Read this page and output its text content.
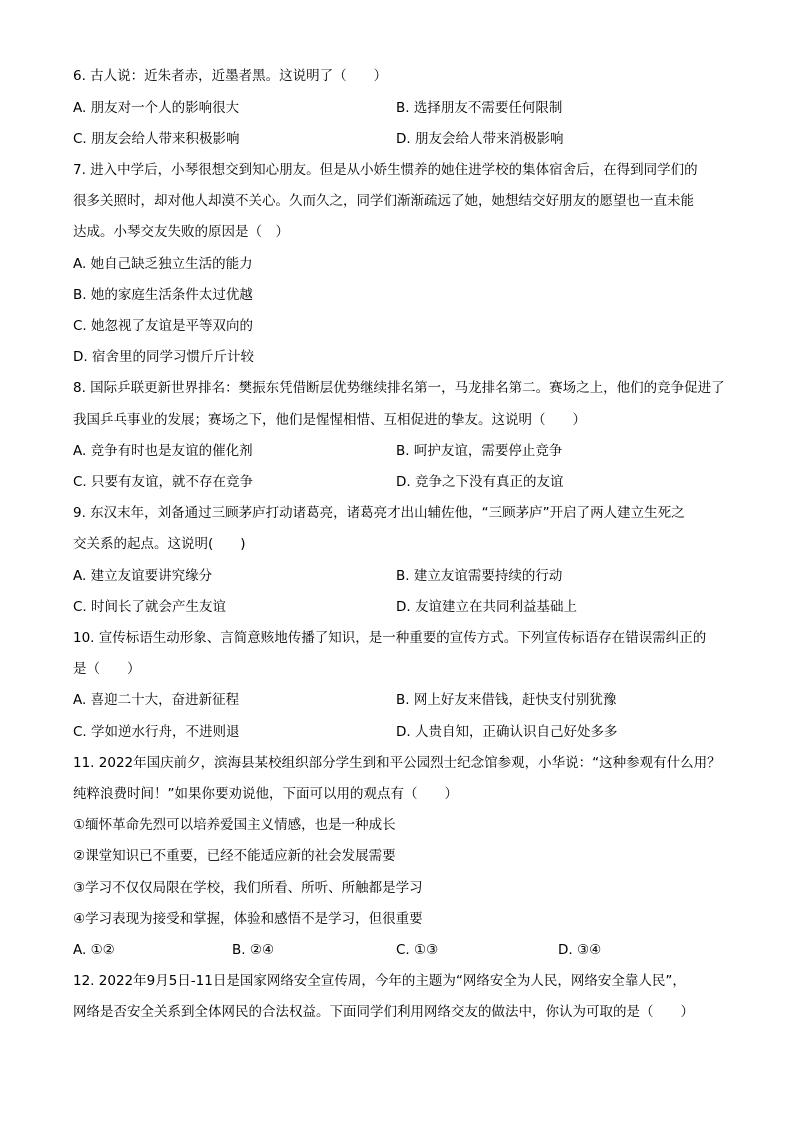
6. 古人说：近朱者赤，近墨者黑。这说明了（　　）
A. 朋友对一个人的影响很大	B. 选择朋友不需要任何限制
C. 朋友会给人带来积极影响	D. 朋友会给人带来消极影响
7. 进入中学后，小琴很想交到知心朋友。但是从小娇生惯养的她住进学校的集体宿舍后，在得到同学们的
很多关照时，却对他人却漠不关心。久而久之，同学们渐渐疏远了她，她想结交好朋友的愿望也一直未能
达成。小琴交友失败的原因是（　）
A. 她自己缺乏独立生活的能力
B. 她的家庭生活条件太过优越
C. 她忽视了友谊是平等双向的
D. 宿舍里的同学习惯斤斤计较
8. 国际乒联更新世界排名：樊振东凭借断层优势继续排名第一，马龙排名第二。赛场之上，他们的竞争促进了
我国乒乓事业的发展；赛场之下，他们是惺惺相惜、互相促进的挚友。这说明（　　）
A. 竞争有时也是友谊的催化剂	B. 呵护友谊，需要停止竞争
C. 只要有友谊，就不存在竞争	D. 竞争之下没有真正的友谊
9. 东汉末年，刘备通过三顾茅庐打动诸葛亮，诸葛亮才出山辅佐他，“三顾茅庐”开启了两人建立生死之
交关系的起点。这说明(　　)
A. 建立友谊要讲究缘分	B. 建立友谊需要持续的行动
C. 时间长了就会产生友谊	D. 友谊建立在共同利益基础上
10. 宣传标语生动形象、言简意赅地传播了知识，是一种重要的宣传方式。下列宣传标语存在错误需纠正的
是（　　）
A. 喜迎二十大，奋进新征程	B. 网上好友来借钱，赶快支付别犹豫
C. 学如逆水行舟，不进则退	D. 人贵自知，正确认识自己好处多多
11. 2022年国庆前夕，滨海县某校组织部分学生到和平公园烈士纪念馆参观，小华说：“这种参观有什么用？
纯粹浪费时间！”如果你要劝说他，下面可以用的观点有（　　）
①缅怀革命先烈可以培养爱国主义情感，也是一种成长
②课堂知识已不重要，已经不能适应新的社会发展需要
③学习不仅仅局限在学校，我们所看、所听、所触都是学习
④学习表现为接受和掌握，体验和感悟不是学习，但很重要
A. ①②	B. ②④	C. ①③	D. ③④
12. 2022年9月5日-11日是国家网络安全宣传周，今年的主题为“网络安全为人民，网络安全靠人民”，
网络是否安全关系到全体网民的合法权益。下面同学们利用网络交友的做法中，你认为可取的是（　　）
